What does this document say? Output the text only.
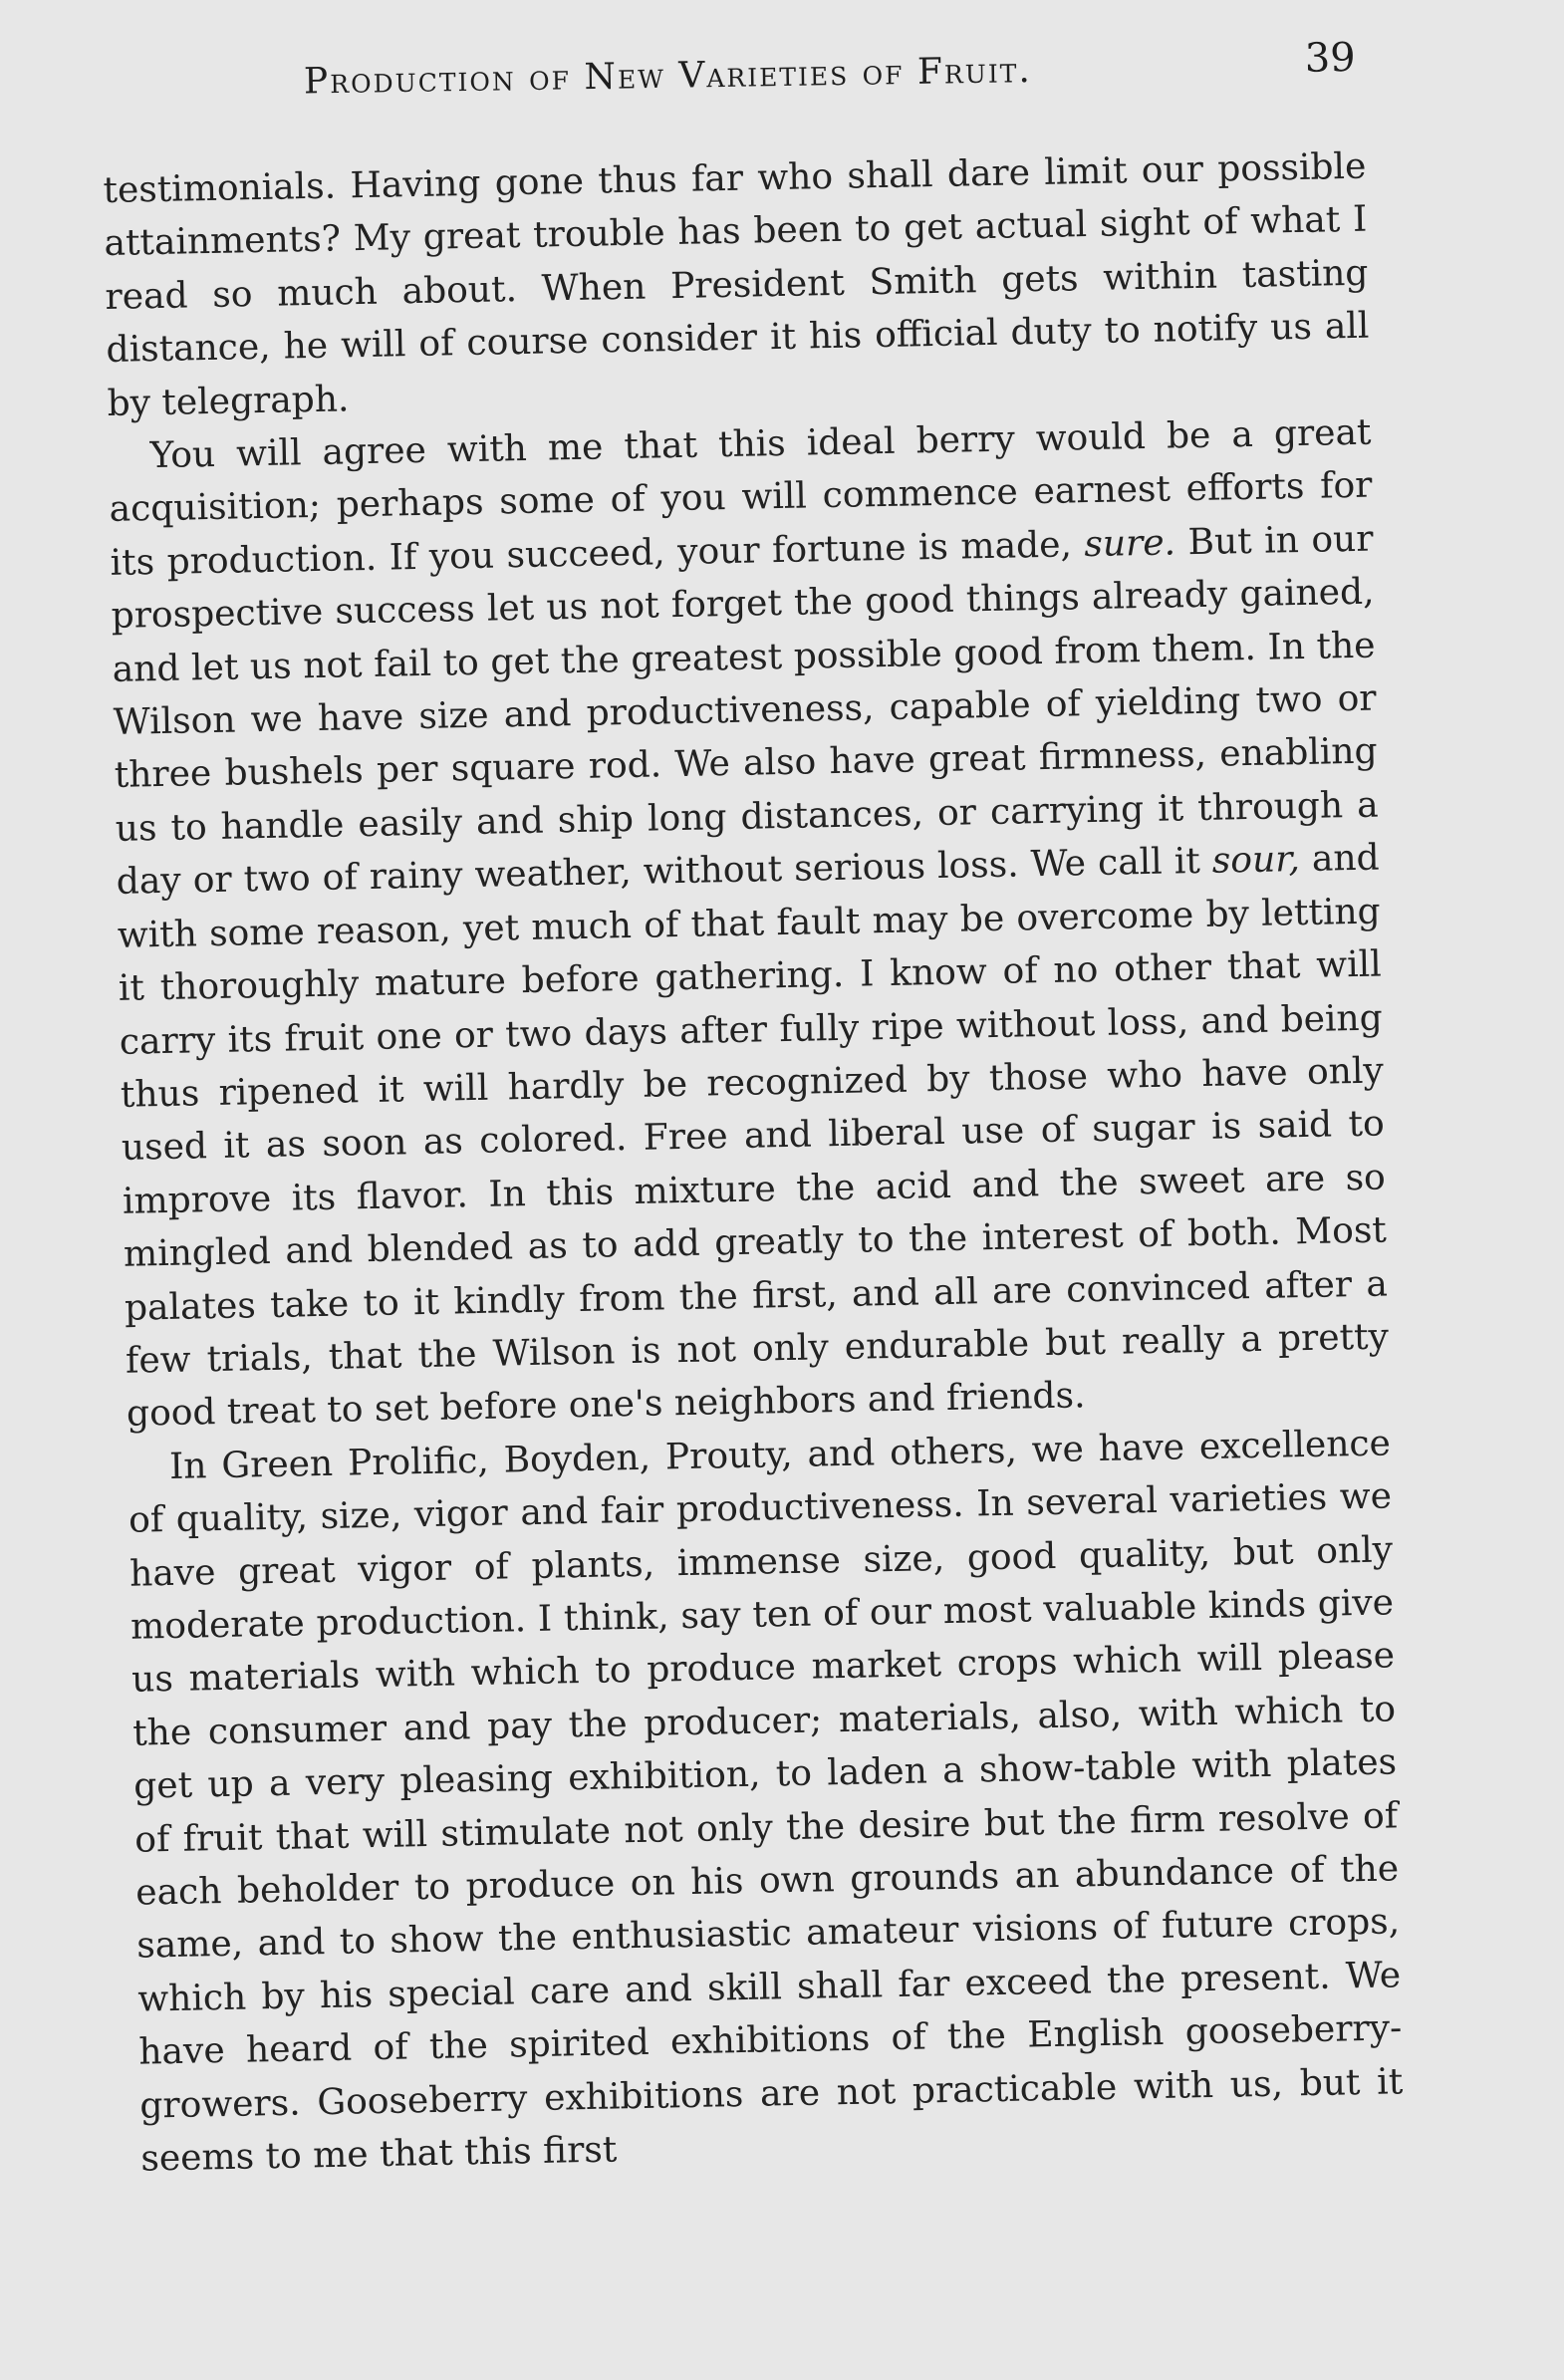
Production of New Varieties of Fruit.	39

testimonials. Having gone thus far who shall dare limit our possible attainments? My great trouble has been to get actual sight of what I read so much about. When President Smith gets within tasting distance, he will of course consider it his official duty to notify us all by telegraph.

You will agree with me that this ideal berry would be a great acquisition; perhaps some of you will commence earnest efforts for its production. If you succeed, your fortune is made, sure. But in our prospective success let us not forget the good things already gained, and let us not fail to get the greatest possible good from them. In the Wilson we have size and productiveness, capable of yielding two or three bushels per square rod. We also have great firmness, enabling us to handle easily and ship long distances, or carrying it through a day or two of rainy weather, without serious loss. We call it sour, and with some reason, yet much of that fault may be overcome by letting it thoroughly mature before gathering. I know of no other that will carry its fruit one or two days after fully ripe without loss, and being thus ripened it will hardly be recognized by those who have only used it as soon as colored. Free and liberal use of sugar is said to improve its flavor. In this mixture the acid and the sweet are so mingled and blended as to add greatly to the interest of both. Most palates take to it kindly from the first, and all are convinced after a few trials, that the Wilson is not only endurable but really a pretty good treat to set before one's neighbors and friends.

In Green Prolific, Boyden, Prouty, and others, we have excellence of quality, size, vigor and fair productiveness. In several varieties we have great vigor of plants, immense size, good quality, but only moderate production. I think, say ten of our most valuable kinds give us materials with which to produce market crops which will please the consumer and pay the producer; materials, also, with which to get up a very pleasing exhibition, to laden a show-table with plates of fruit that will stimulate not only the desire but the firm resolve of each beholder to produce on his own grounds an abundance of the same, and to show the enthusiastic amateur visions of future crops, which by his special care and skill shall far exceed the present. We have heard of the spirited exhibitions of the English gooseberry-growers. Gooseberry exhibitions are not practicable with us, but it seems to me that this first
